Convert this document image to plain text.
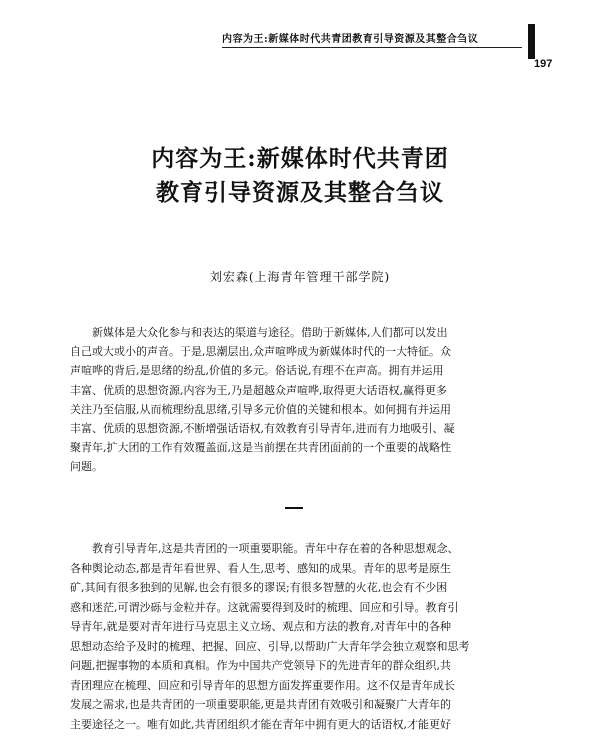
内容为王:新媒体时代共青团教育引导资源及其整合刍议
197
内容为王:新媒体时代共青团
教育引导资源及其整合刍议
刘宏森(上海青年管理干部学院)
新媒体是大众化参与和表达的渠道与途径。借助于新媒体,人们都可以发出
自己或大或小的声音。于是,思潮层出,众声喧哗成为新媒体时代的一大特征。众
声喧哗的背后,是思绪的纷乱,价值的多元。俗话说,有理不在声高。拥有并运用
丰富、优质的思想资源,内容为王,乃是超越众声喧哗,取得更大话语权,赢得更多
关注乃至信服,从而梳理纷乱思绪,引导多元价值的关键和根本。如何拥有并运用
丰富、优质的思想资源,不断增强话语权,有效教育引导青年,进而有力地吸引、凝
聚青年,扩大团的工作有效覆盖面,这是当前摆在共青团面前的一个重要的战略性
问题。
教育引导青年,这是共青团的一项重要职能。青年中存在着的各种思想观念、
各种舆论动态,都是青年看世界、看人生,思考、感知的成果。青年的思考是原生
矿,其间有很多独到的见解,也会有很多的谬误;有很多智慧的火花,也会有不少困
惑和迷茫,可谓沙砾与金粒并存。这就需要得到及时的梳理、回应和引导。教育引
导青年,就是要对青年进行马克思主义立场、观点和方法的教育,对青年中的各种
思想动态给予及时的梳理、把握、回应、引导,以帮助广大青年学会独立观察和思考
问题,把握事物的本质和真相。作为中国共产党领导下的先进青年的群众组织,共
青团理应在梳理、回应和引导青年的思想方面发挥重要作用。这不仅是青年成长
发展之需求,也是共青团的一项重要职能,更是共青团有效吸引和凝聚广大青年的
主要途径之一。唯有如此,共青团组织才能在青年中拥有更大的话语权,才能更好
